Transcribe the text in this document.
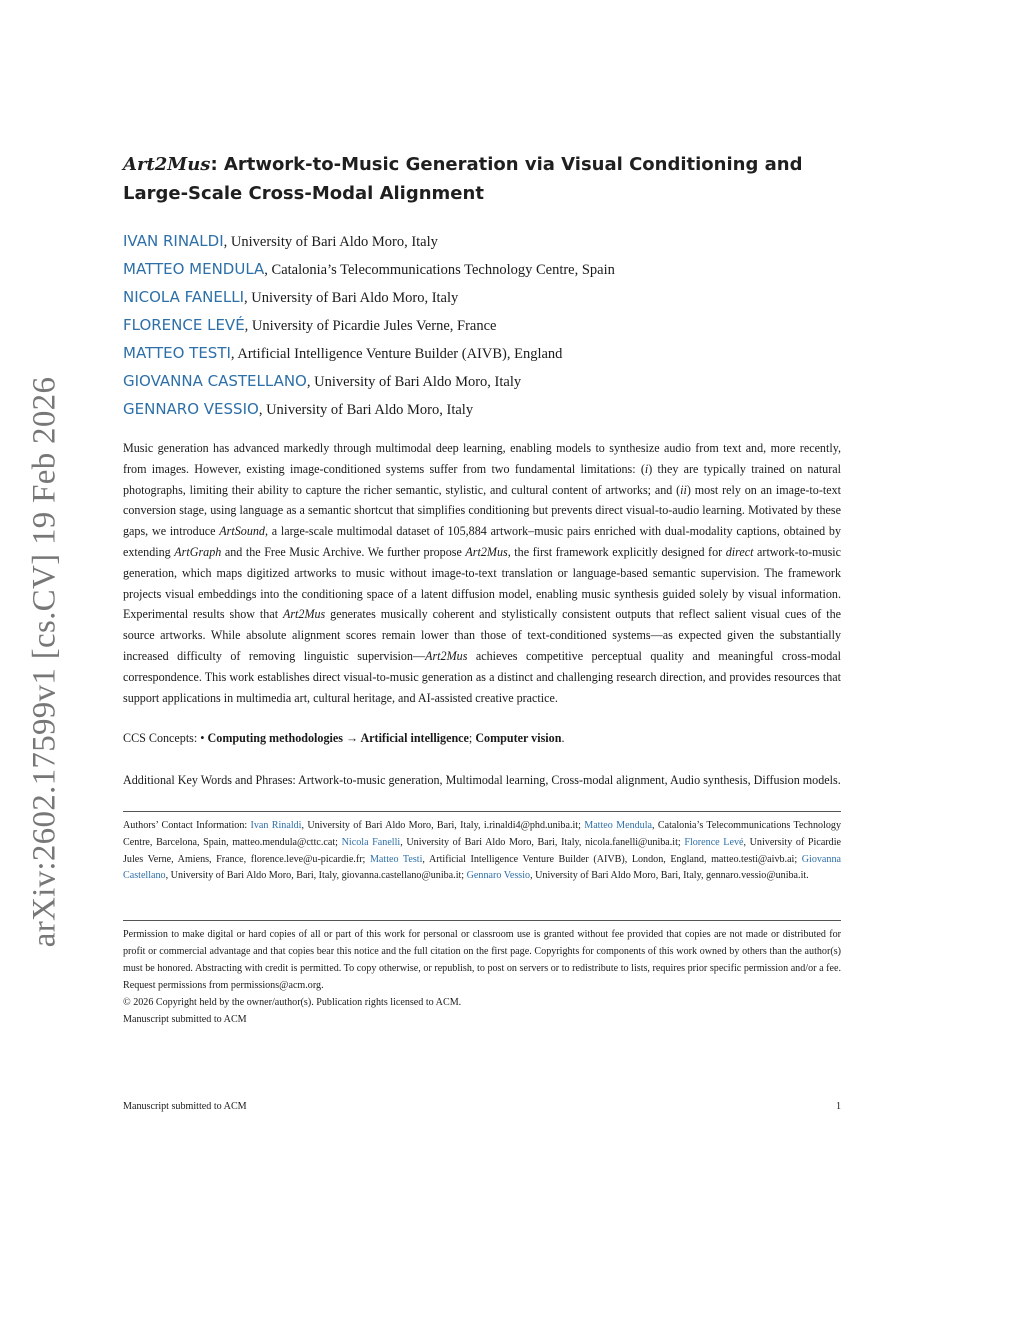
arXiv:2602.17599v1 [cs.CV] 19 Feb 2026
Art2Mus: Artwork-to-Music Generation via Visual Conditioning and
Large-Scale Cross-Modal Alignment
IVAN RINALDI, University of Bari Aldo Moro, Italy
MATTEO MENDULA, Catalonia’s Telecommunications Technology Centre, Spain
NICOLA FANELLI, University of Bari Aldo Moro, Italy
FLORENCE LEVÉ, University of Picardie Jules Verne, France
MATTEO TESTI, Artificial Intelligence Venture Builder (AIVB), England
GIOVANNA CASTELLANO, University of Bari Aldo Moro, Italy
GENNARO VESSIO, University of Bari Aldo Moro, Italy
Music generation has advanced markedly through multimodal deep learning, enabling models to synthesize audio from text and, more recently, from images. However, existing image-conditioned systems suffer from two fundamental limitations: (i) they are typically trained on natural photographs, limiting their ability to capture the richer semantic, stylistic, and cultural content of artworks; and (ii) most rely on an image-to-text conversion stage, using language as a semantic shortcut that simplifies conditioning but prevents direct visual-to-audio learning. Motivated by these gaps, we introduce ArtSound, a large-scale multimodal dataset of 105,884 artwork–music pairs enriched with dual-modality captions, obtained by extending ArtGraph and the Free Music Archive. We further propose Art2Mus, the first framework explicitly designed for direct artwork-to-music generation, which maps digitized artworks to music without image-to-text translation or language-based semantic supervision. The framework projects visual embeddings into the conditioning space of a latent diffusion model, enabling music synthesis guided solely by visual information. Experimental results show that Art2Mus generates musically coherent and stylistically consistent outputs that reflect salient visual cues of the source artworks. While absolute alignment scores remain lower than those of text-conditioned systems—as expected given the substantially increased difficulty of removing linguistic supervision—Art2Mus achieves competitive perceptual quality and meaningful cross-modal correspondence. This work establishes direct visual-to-music generation as a distinct and challenging research direction, and provides resources that support applications in multimedia art, cultural heritage, and AI-assisted creative practice.
CCS Concepts: • Computing methodologies → Artificial intelligence; Computer vision.
Additional Key Words and Phrases: Artwork-to-music generation, Multimodal learning, Cross-modal alignment, Audio synthesis, Diffusion models.
Authors’ Contact Information: Ivan Rinaldi, University of Bari Aldo Moro, Bari, Italy, i.rinaldi4@phd.uniba.it; Matteo Mendula, Catalonia’s Telecommunications Technology Centre, Barcelona, Spain, matteo.mendula@cttc.cat; Nicola Fanelli, University of Bari Aldo Moro, Bari, Italy, nicola.fanelli@uniba.it; Florence Levé, University of Picardie Jules Verne, Amiens, France, florence.leve@u-picardie.fr; Matteo Testi, Artificial Intelligence Venture Builder (AIVB), London, England, matteo.testi@aivb.ai; Giovanna Castellano, University of Bari Aldo Moro, Bari, Italy, giovanna.castellano@uniba.it; Gennaro Vessio, University of Bari Aldo Moro, Bari, Italy, gennaro.vessio@uniba.it.
Permission to make digital or hard copies of all or part of this work for personal or classroom use is granted without fee provided that copies are not made or distributed for profit or commercial advantage and that copies bear this notice and the full citation on the first page. Copyrights for components of this work owned by others than the author(s) must be honored. Abstracting with credit is permitted. To copy otherwise, or republish, to post on servers or to redistribute to lists, requires prior specific permission and/or a fee. Request permissions from permissions@acm.org.
© 2026 Copyright held by the owner/author(s). Publication rights licensed to ACM.
Manuscript submitted to ACM
Manuscript submitted to ACM	1
